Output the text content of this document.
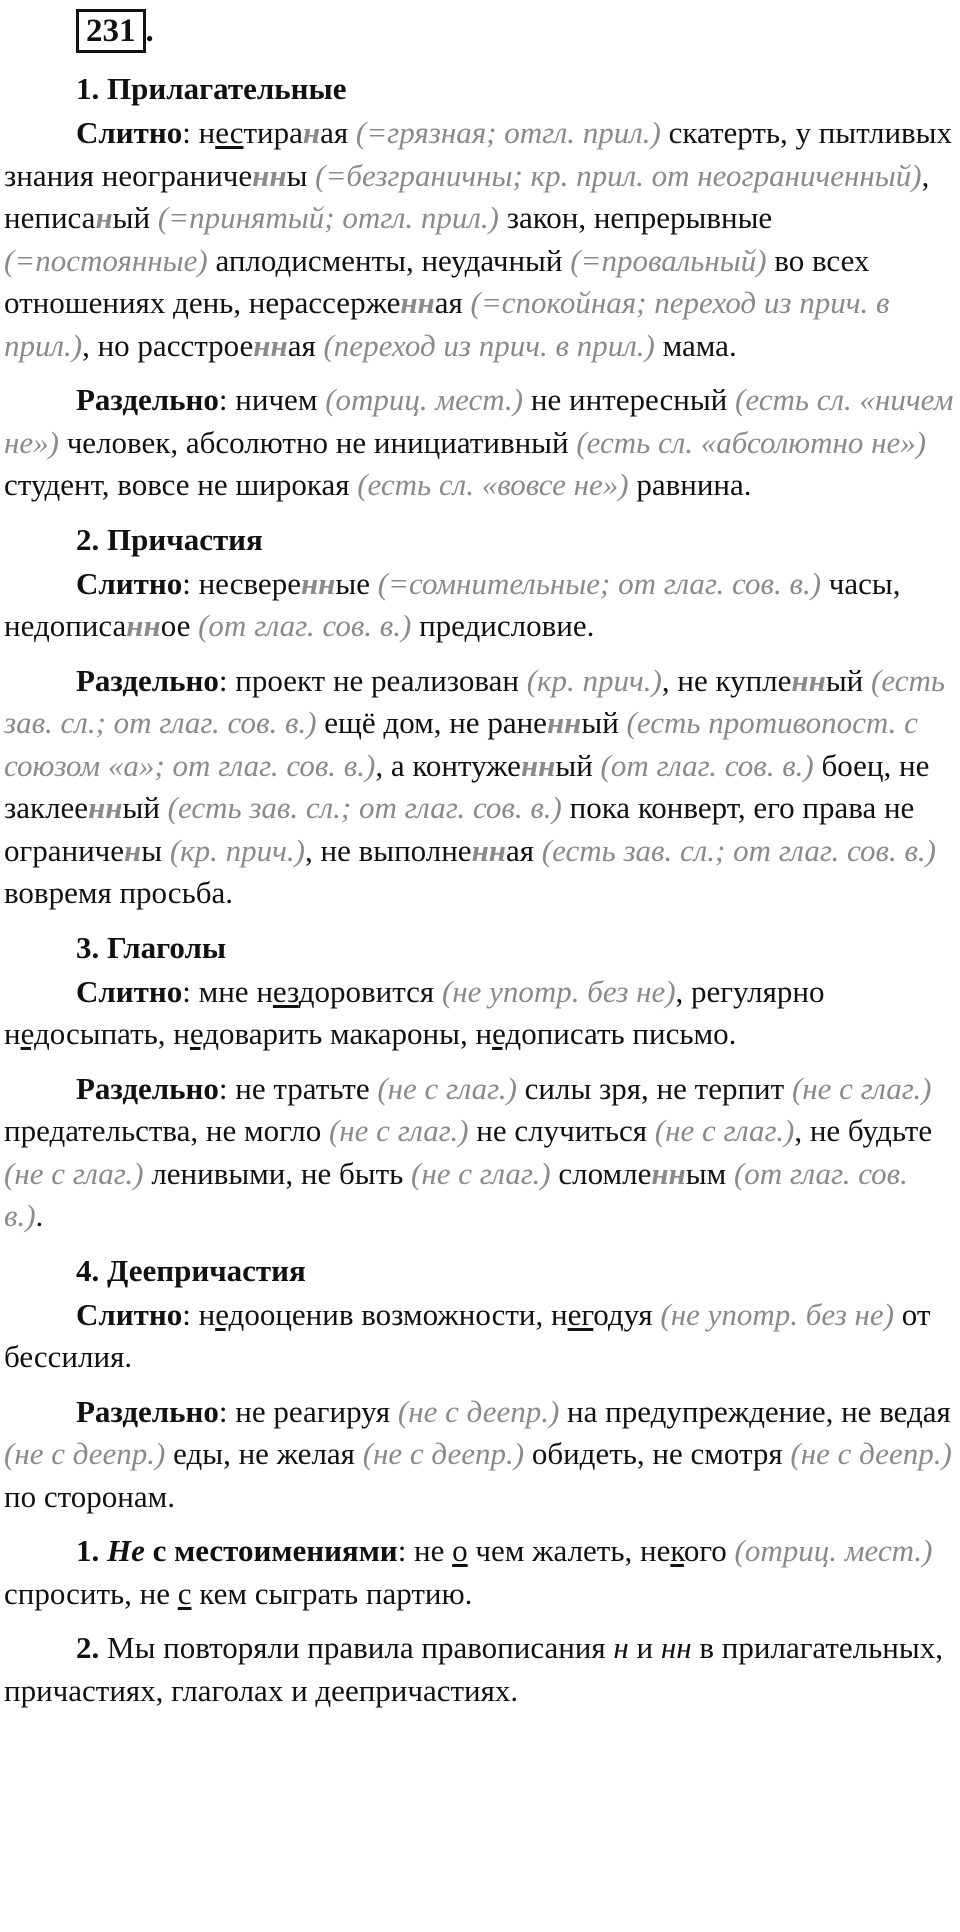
231 .
1. Прилагательные

Слитно: нестираная (=грязная; отгл. прил.) скатерть, у пытливых знания неограниченны (=безграничны; кр. прил. от неограниченный), неписаный (=принятый; отгл. прил.) закон, непрерывные (=постоянные) аплодисменты, неудачный (=провальный) во всех отношениях день, нерассерженная (=спокойная; переход из прич. в прил.), но расстроенная (переход из прич. в прил.) мама.

Раздельно: ничем (отриц. мест.) не интересный (есть сл. «ничем не») человек, абсолютно не инициативный (есть сл. «абсолютно не») студент, вовсе не широкая (есть сл. «вовсе не») равнина.

2. Причастия

Слитно: несверенные (=сомнительные; от глаг. сов. в.) часы, недописанное (от глаг. сов. в.) предисловие.

Раздельно: проект не реализован (кр. прич.), не купленный (есть зав. сл.; от глаг. сов. в.) ещё дом, не раненный (есть противопост. с союзом «а»; от глаг. сов. в.), а контуженный (от глаг. сов. в.) боец, не заклеенный (есть зав. сл.; от глаг. сов. в.) пока конверт, его права не ограничены (кр. прич.), не выполненная (есть зав. сл.; от глаг. сов. в.) вовремя просьба.

3. Глаголы

Слитно: мне нездоровится (не употр. без не), регулярно недосыпать, недоварить макароны, недописать письмо.

Раздельно: не тратьте (не с глаг.) силы зря, не терпит (не с глаг.) предательства, не могло (не с глаг.) не случиться (не с глаг.), не будьте (не с глаг.) ленивыми, не быть (не с глаг.) сломленным (от глаг. сов. в.).

4. Деепричастия

Слитно: недооценив возможности, негодуя (не употр. без не) от бессилия.

Раздельно: не реагируя (не с деепр.) на предупреждение, не ведая (не с деепр.) еды, не желая (не с деепр.) обидеть, не смотря (не с деепр.) по сторонам.

1. Не с местоимениями: не о чем жалеть, некого (отриц. мест.) спросить, не с кем сыграть партию.

2. Мы повторяли правила правописания н и нн в прилагательных, причастиях, глаголах и деепричастиях.
